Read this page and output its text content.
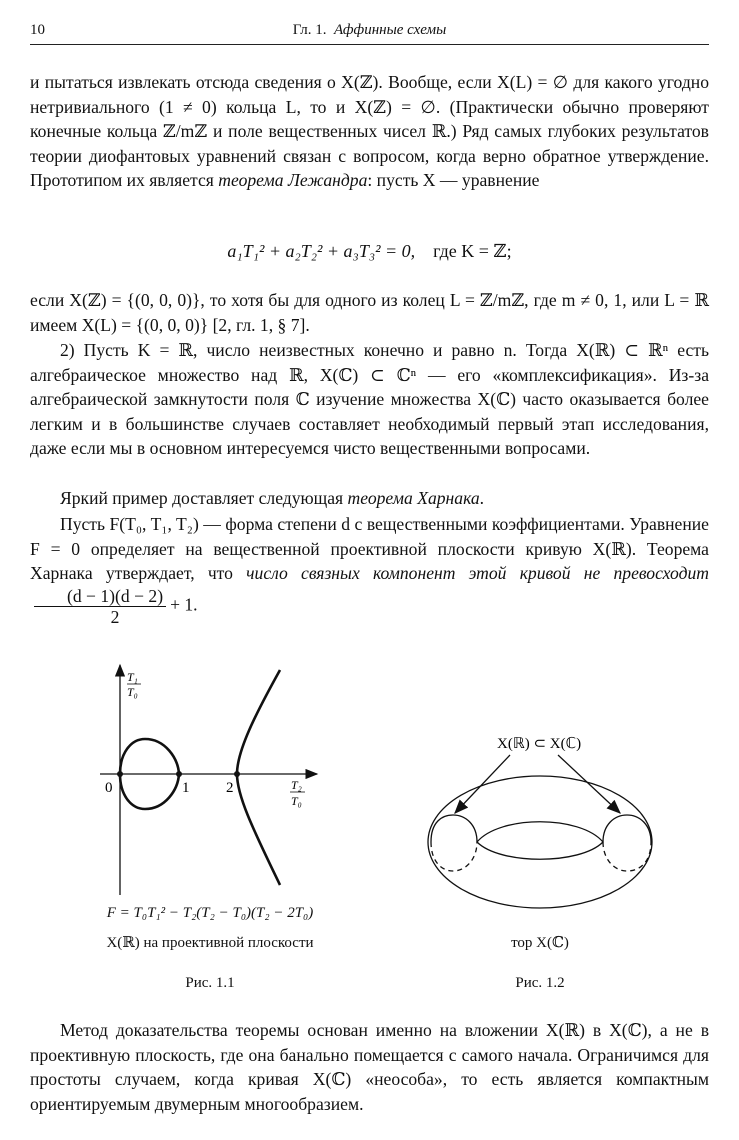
10	Гл. 1. Аффинные схемы

и пытаться извлекать отсюда сведения о X(ℤ). Вообще, если X(L) = ∅ для какого угодно нетривиального (1 ≠ 0) кольца L, то и X(ℤ) = ∅. (Практически обычно проверяют конечные кольца ℤ/mℤ и поле вещественных чисел ℝ.) Ряд самых глубоких результатов теории диофантовых уравнений связан с вопросом, когда верно обратное утверждение. Прототипом их является теорема Лежандра: пусть X — уравнение

a₁T₁² + a₂T₂² + a₃T₃² = 0, где K = ℤ;

если X(ℤ) = {(0, 0, 0)}, то хотя бы для одного из колец L = ℤ/mℤ, где m ≠ 0, 1, или L = ℝ имеем X(L) = {(0, 0, 0)} [2, гл. 1, § 7].

2) Пусть K = ℝ, число неизвестных конечно и равно n. Тогда X(ℝ) ⊂ ℝⁿ есть алгебраическое множество над ℝ, X(ℂ) ⊂ ℂⁿ — его «комплексификация». Из-за алгебраической замкнутости поля ℂ изучение множества X(ℂ) часто оказывается более легким и в большинстве случаев составляет необходимый первый этап исследования, даже если мы в основном интересуемся чисто вещественными вопросами.

Яркий пример доставляет следующая теорема Харнака.

Пусть F(T₀, T₁, T₂) — форма степени d с вещественными коэффициентами. Уравнение F = 0 определяет на вещественной проективной плоскости кривую X(ℝ). Теорема Харнака утверждает, что число связных компонент этой кривой не превосходит
$\frac{(d - 1)(d - 2)}{2} + 1$.

T₁
T₀
T₂
T₀
0	1 2
F = T₀T₁² − T₂(T₂ − T₀)(T₂ − 2T₀)
X(ℝ) на проективной плоскости
Рис. 1.1
X(ℝ) ⊂ X(ℂ)
тор X(ℂ)
Рис. 1.2

Метод доказательства теоремы основан именно на вложении X(ℝ) в X(ℂ), а не в проективную плоскость, где она банально помещается с самого начала. Ограничимся для простоты случаем, когда кривая X(ℂ) «неособа», то есть является компактным ориентируемым двумерным многообразием.
